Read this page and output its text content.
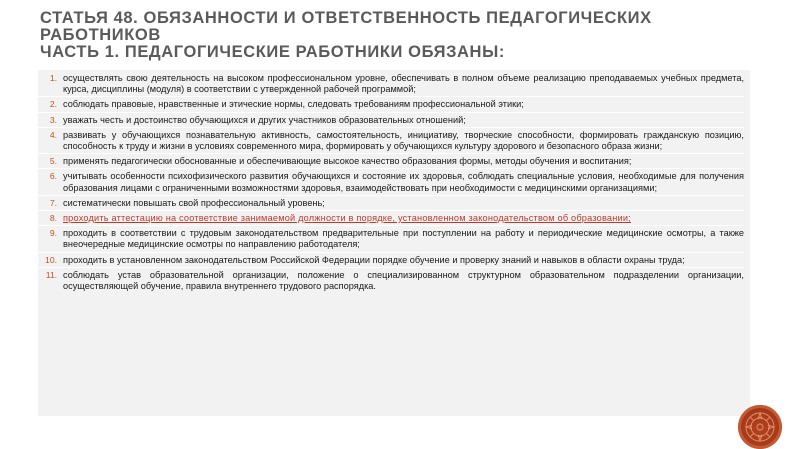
СТАТЬЯ 48. ОБЯЗАННОСТИ И ОТВЕТСТВЕННОСТЬ ПЕДАГОГИЧЕСКИХ
РАБОТНИКОВ
ЧАСТЬ 1. ПЕДАГОГИЧЕСКИЕ РАБОТНИКИ ОБЯЗАНЫ:
1. осуществлять свою деятельность на высоком профессиональном уровне, обеспечивать в полном объеме реализацию преподаваемых учебных предмета, курса, дисциплины (модуля) в соответствии с утвержденной рабочей программой;
2. соблюдать правовые, нравственные и этические нормы, следовать требованиям профессиональной этики;
3. уважать честь и достоинство обучающихся и других участников образовательных отношений;
4. развивать у обучающихся познавательную активность, самостоятельность, инициативу, творческие способности, формировать гражданскую позицию, способность к труду и жизни в условиях современного мира, формировать у обучающихся культуру здорового и безопасного образа жизни;
5. применять педагогически обоснованные и обеспечивающие высокое качество образования формы, методы обучения и воспитания;
6. учитывать особенности психофизического развития обучающихся и состояние их здоровья, соблюдать специальные условия, необходимые для получения образования лицами с ограниченными возможностями здоровья, взаимодействовать при необходимости с медицинскими организациями;
7. систематически повышать свой профессиональный уровень;
8. проходить аттестацию на соответствие занимаемой должности в порядке, установленном законодательством об образовании;
9. проходить в соответствии с трудовым законодательством предварительные при поступлении на работу и периодические медицинские осмотры, а также внеочередные медицинские осмотры по направлению работодателя;
10. проходить в установленном законодательством Российской Федерации порядке обучение и проверку знаний и навыков в области охраны труда;
11. соблюдать устав образовательной организации, положение о специализированном структурном образовательном подразделении организации, осуществляющей обучение, правила внутреннего трудового распорядка.
